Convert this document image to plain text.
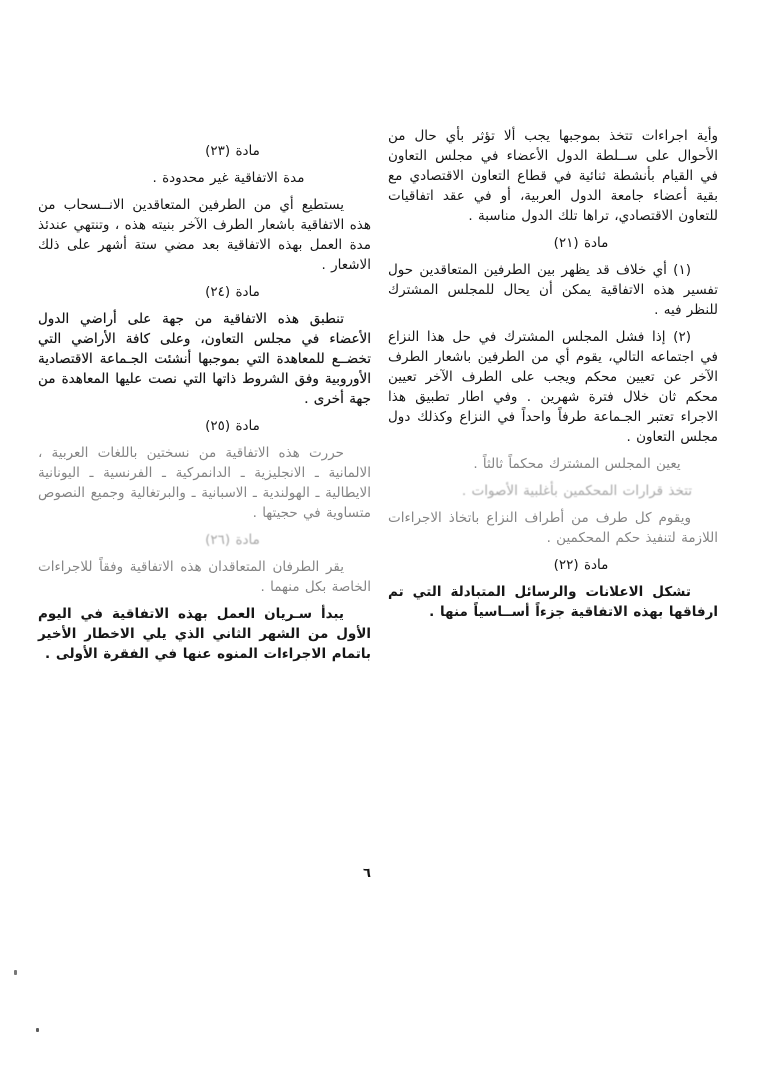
وأية اجراءات تتخذ بموجبها يجب ألا تؤثر بأي حال من الأحوال على ســلطة الدول الأعضاء في مجلس التعاون في القيام بأنشطة ثنائية في قطاع التعاون الاقتصادي مع بقية أعضاء جامعة الدول العربية، أو في عقد اتفاقيات للتعاون الاقتصادي، تراها تلك الدول مناسبة .
مادة (٢١)
(١) أي خلاف قد يظهر بين الطرفين المتعاقدين حول تفسير هذه الاتفاقية يمكن أن يحال للمجلس المشترك للنظر فيه .
(٢) إذا فشل المجلس المشترك في حل هذا النزاع في اجتماعه التالي، يقوم أي من الطرفين باشعار الطرف الآخر عن تعيين محكم ويجب على الطرف الآخر تعيين محكم ثان خلال فترة شهرين . وفي اطار تطبيق هذا الاجراء تعتبر الجـماعة طرفاً واحداً في النزاع وكذلك دول مجلس التعاون .
يعين المجلس المشترك محكماً ثالثاً .
تتخذ قرارات المحكمين بأغلبية الأصوات .
ويقوم كل طرف من أطراف النزاع باتخاذ الاجراءات اللازمة لتنفيذ حكم المحكمين .
مادة (٢٢)
تشكل الاعلانات والرسائل المتبادلة التي تم ارفاقها بهذه الاتفاقية جزءاً أســاسياً منها .
مادة (٢٣)
مدة الاتفاقية غير محدودة .
يستطيع أي من الطرفين المتعاقدين الانــسحاب من هذه الاتفاقية باشعار الطرف الآخر بنيته هذه ، وتنتهي عندئذ مدة العمل بهذه الاتفاقية بعد مضي ستة أشهر على ذلك الاشعار .
مادة (٢٤)
تنطبق هذه الاتفاقية من جهة على أراضي الدول الأعضاء في مجلس التعاون، وعلى كافة الأراضي التي تخضــع للمعاهدة التي بموجبها أنشئت الجـماعة الاقتصادية الأوروبية وفق الشروط ذاتها التي نصت عليها المعاهدة من جهة أخرى .
مادة (٢٥)
حررت هذه الاتفاقية من نسختين باللغات العربية ، الالمانية ـ الانجليزية ـ الدانمركية ـ الفرنسية ـ اليونانية الايطالية ـ الهولندية ـ الاسبانية ـ والبرتغالية وجميع النصوص متساوية في حجيتها .
مادة (٢٦)
يقر الطرفان المتعاقدان هذه الاتفاقية وفقاً للاجراءات الخاصة بكل منهما .
يبدأ سـريان العمل بهذه الاتفاقية في اليوم الأول من الشهر الثاني الذي يلي الاخطار الأخير باتمام الاجراءات المنوه عنها في الفقرة الأولى .
٦
